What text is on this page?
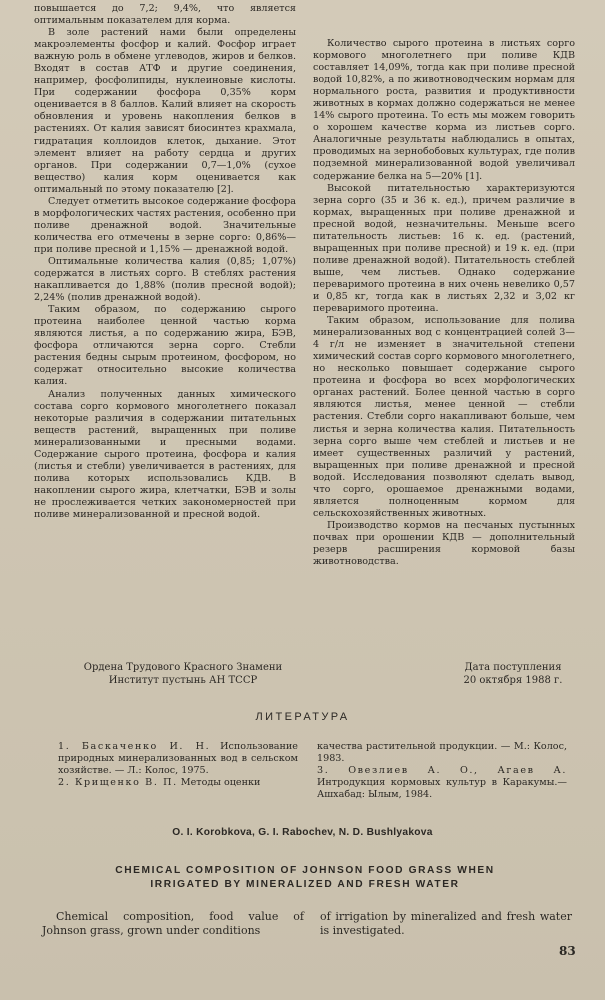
повышается до 7,2; 9,4%, что является оптимальным показателем для корма.

В золе растений нами были определены макроэлементы фосфор и калий. Фосфор играет важную роль в обмене углеводов, жиров и белков. Входят в состав АТФ и другие соединения, например, фосфолипиды, нуклеиновые кислоты. При содержании фосфора 0,35% корм оценивается в 8 баллов. Калий влияет на скорость обновления и уровень накопления белков в растениях. От калия зависят биосинтез крахмала, гидратация коллоидов клеток, дыхание. Этот элемент влияет на работу сердца и других органов. При содержании 0,7—1,0% (сухое вещество) калия корм оценивается как оптимальный по этому показателю [2].

Следует отметить высокое содержание фосфора в морфологических частях растения, особенно при поливе дренажной водой. Значительные количества его отмечены в зерне сорго: 0,86%—при поливе пресной и 1,15% — дренажной водой.

Оптимальные количества калия (0,85; 1,07%) содержатся в листьях сорго. В стеблях растения накапливается до 1,88% (полив пресной водой); 2,24% (полив дренажной водой).

Таким образом, по содержанию сырого протеина наиболее ценной частью корма являются листья, а по содержанию жира, БЭВ, фосфора отличаются зерна сорго. Стебли растения бедны сырым протеином, фосфором, но содержат относительно высокие количества калия.

Анализ полученных данных химического состава сорго кормового многолетнего показал некоторые различия в содержании питательных веществ растений, выращенных при поливе минерализованными и пресными водами. Содержание сырого протеина, фосфора и калия (листья и стебли) увеличивается в растениях, для полива которых использовались КДВ. В накоплении сырого жира, клетчатки, БЭВ и золы не прослеживается четких закономерностей при поливе минерализованной и пресной водой.

Количество сырого протеина в листьях сорго кормового многолетнего при поливе КДВ составляет 14,09%, тогда как при поливе пресной водой 10,82%, а по животноводческим нормам для нормального роста, развития и продуктивности животных в кормах должно содержаться не менее 14% сырого протеина. То есть мы можем говорить о хорошем качестве корма из листьев сорго. Аналогичные результаты наблюдались в опытах, проводимых на зернобобовых культурах, где полив подземной минерализованной водой увеличивал содержание белка на 5—20% [1].

Высокой питательностью характеризуются зерна сорго (35 и 36 к. ед.), причем различие в кормах, выращенных при поливе дренажной и пресной водой, незначительны. Меньше всего питательность листьев: 16 к. ед. (растений, выращенных при поливе пресной) и 19 к. ед. (при поливе дренажной водой). Питательность стеблей выше, чем листьев. Однако содержание переваримого протеина в них очень невелико 0,57 и 0,85 кг, тогда как в листьях 2,32 и 3,02 кг переваримого протеина.

Таким образом, использование для полива минерализованных вод с концентрацией солей 3—4 г/л не изменяет в значительной степени химический состав сорго кормового многолетнего, но несколько повышает содержание сырого протеина и фосфора во всех морфологических органах растений. Более ценной частью в сорго являются листья, менее ценной — стебли растения. Стебли сорго накапливают больше, чем листья и зерна количества калия. Питательность зерна сорго выше чем стеблей и листьев и не имеет существенных различий у растений, выращенных при поливе дренажной и пресной водой. Исследования позволяют сделать вывод, что сорго, орошаемое дренажными водами, является полноценным кормом для сельскохозяйственных животных.

Производство кормов на песчаных пустынных почвах при орошении КДВ — дополнительный резерв расширения кормовой базы животноводства.

Ордена Трудового Красного Знамени
Институт пустынь АН ТССР
Дата поступления
20 октября 1988 г.
ЛИТЕРАТУРА

1. Баскаченко И. Н. Использование природных минерализованных вод в сельском хозяйстве. — Л.: Колос, 1975.

2. Крищенко В. П. Методы оценки

качества растительной продукции. — М.: Колос, 1983.

3. Овезлиев А. О., Агаев А. Интродукция кормовых культур в Каракумы.— Ашхабад: Ылым, 1984.

O. I. Korobkova, G. I. Rabochev, N. D. Bushlyakova
CHEMICAL COMPOSITION OF JOHNSON FOOD GRASS WHEN
IRRIGATED BY MINERALIZED AND FRESH WATER
Chemical composition, food value of Johnson grass, grown under conditions
of irrigation by mineralized and fresh water is investigated.
83
